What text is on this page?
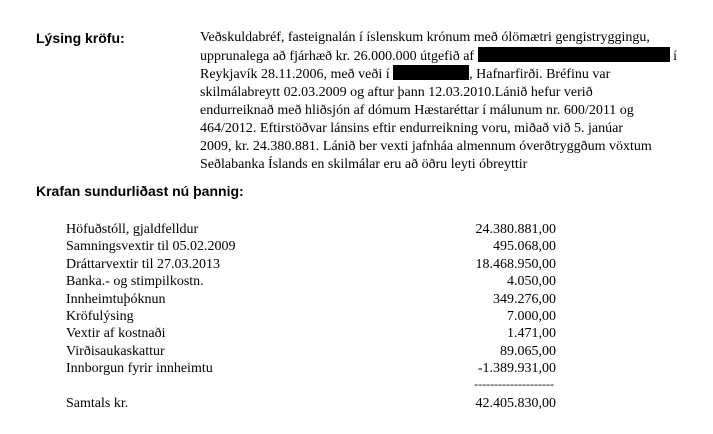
Lýsing kröfu:	Veðskuldabréf, fasteignalán í íslenskum krónum með ólömætri gengistryggingu,
upprunalega að fjárhæð kr. 26.000.000 útgefið af	í
Reykjavík 28.11.2006, með veði í	, Hafnarfirði. Bréfinu var
skilmálabreytt 02.03.2009 og aftur þann 12.03.2010.Lánið hefur verið
endurreiknað með hliðsjón af dómum Hæstaréttar í málunum nr. 600/2011 og
464/2012. Eftirstöðvar lánsins eftir endurreikning voru, miðað við 5. janúar
2009, kr. 24.380.881. Lánið ber vexti jafnháa almennum óverðtryggðum vöxtum
Seðlabanka Íslands en skilmálar eru að öðru leyti óbreyttir
Krafan sundurliðast nú þannig:
Höfuðstóll, gjaldfelldur	24.380.881,00
Samningsvextir til 05.02.2009	495.068,00
Dráttarvextir til 27.03.2013	18.468.950,00
Banka.- og stimpilkostn.	4.050,00
Innheimtuþóknun	349.276,00
Kröfulýsing	7.000,00
Vextir af kostnaði	1.471,00
Virðisaukaskattur	89.065,00
Innborgun fyrir innheimtu	-1.389.931,00
--------------------
Samtals kr.	42.405.830,00
